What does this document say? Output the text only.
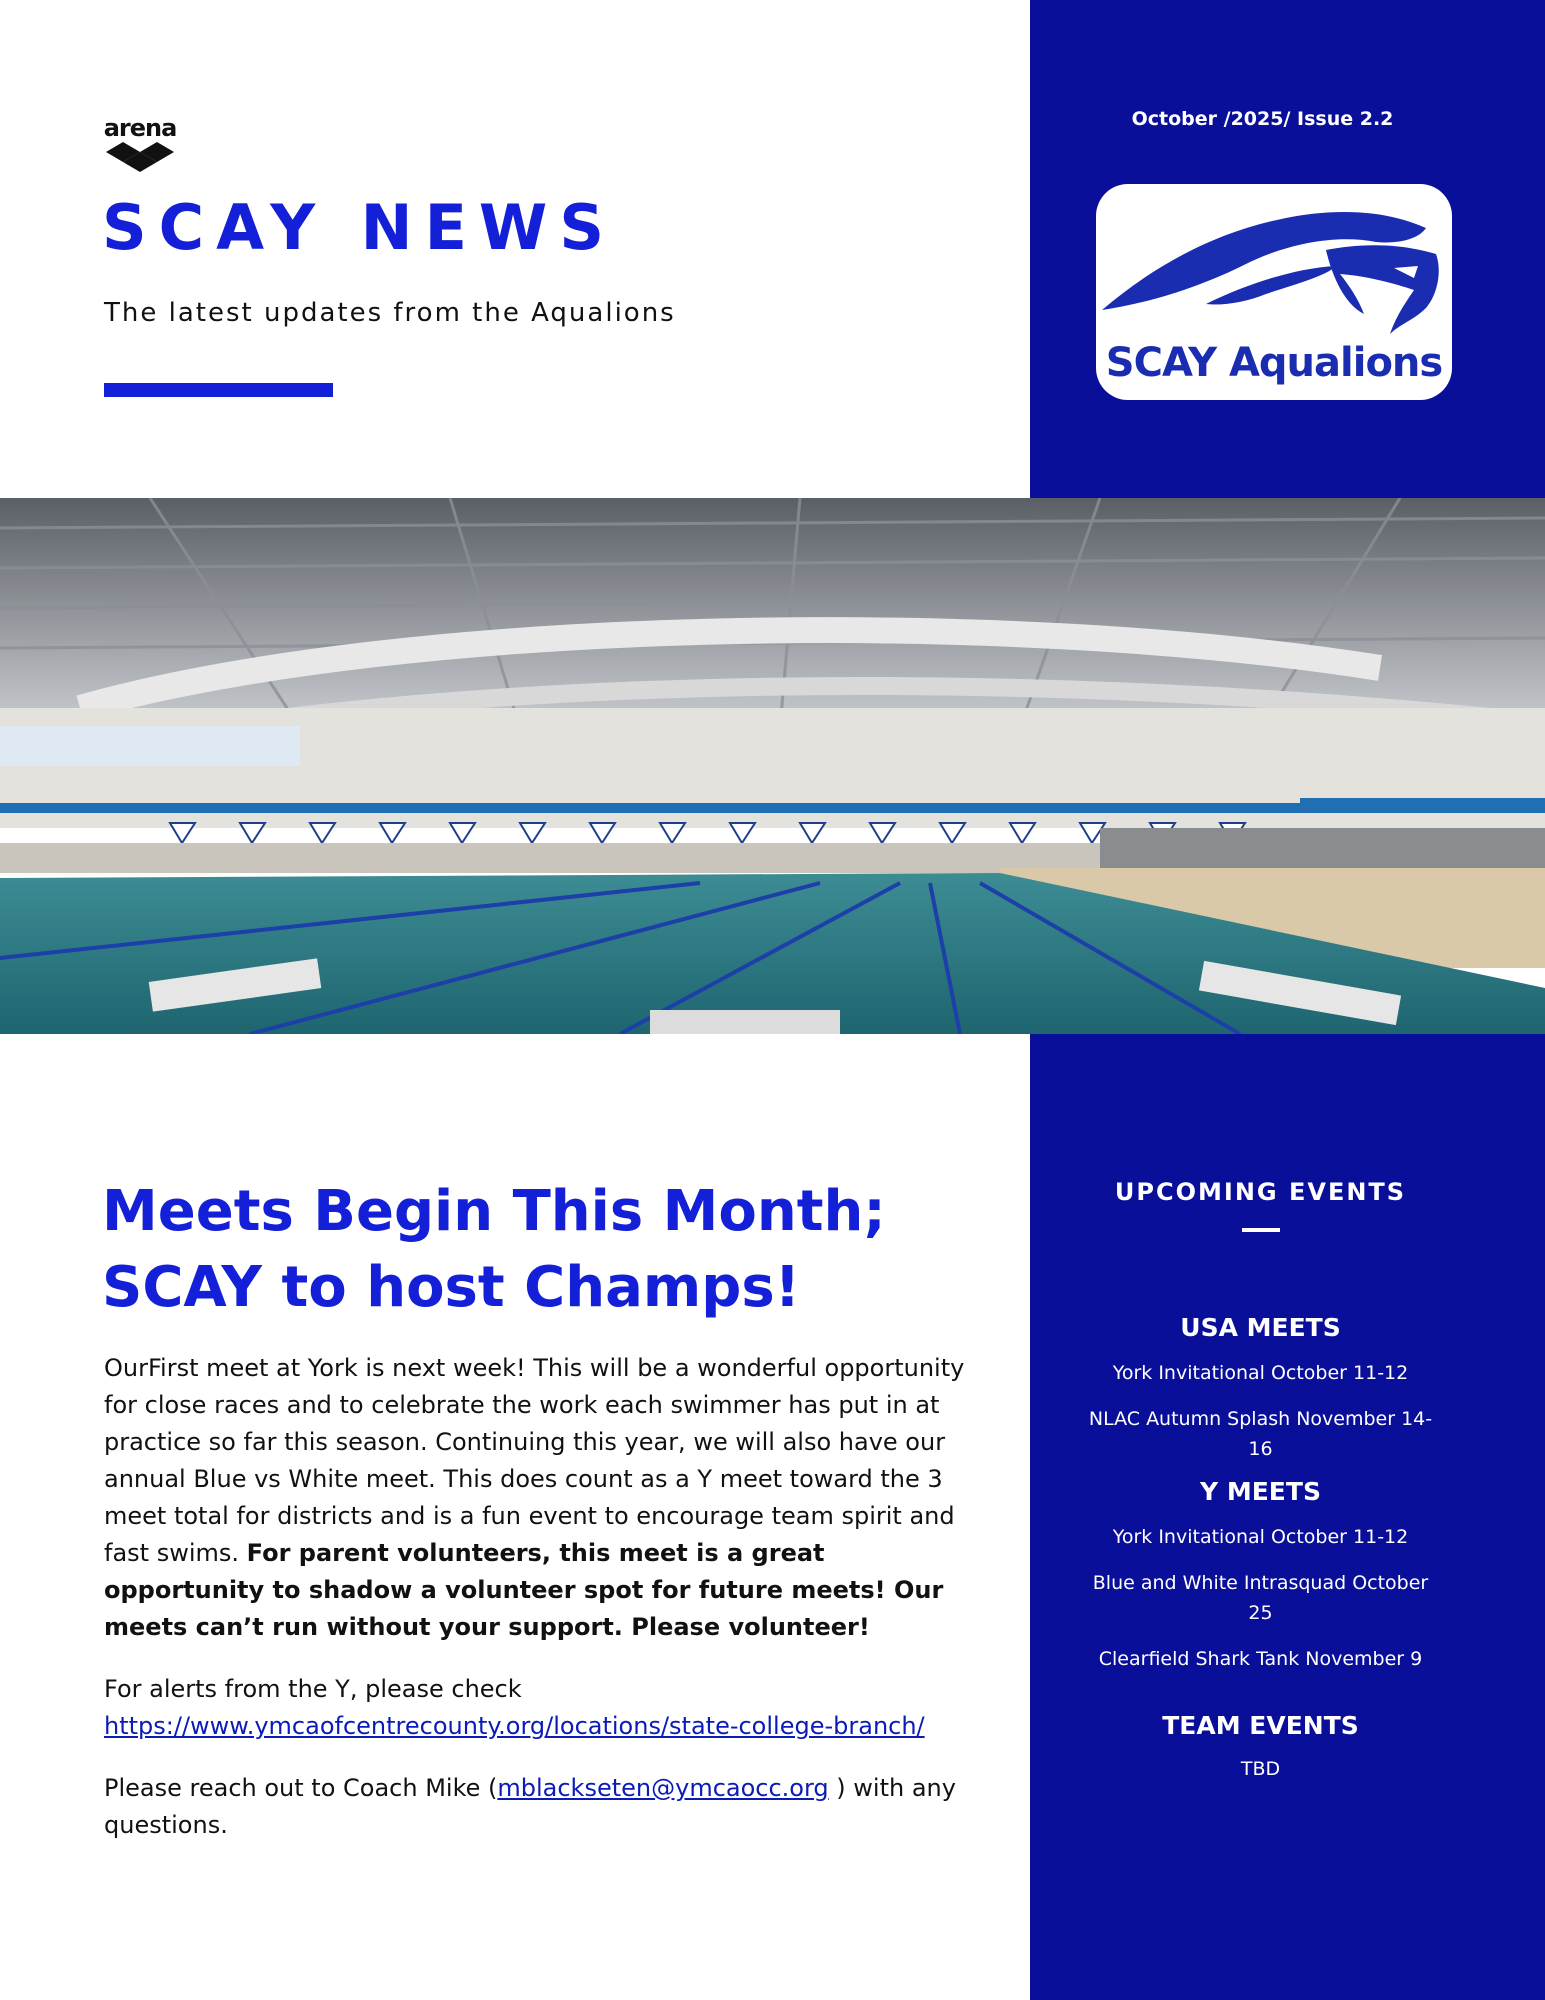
arena
SCAY NEWS
The latest updates from the Aqualions
October /2025/ Issue 2.2
SCAY Aqualions
Meets Begin This Month;
SCAY to host Champs!

OurFirst meet at York is next week! This will be a wonderful opportunity for close races and to celebrate the work each swimmer has put in at practice so far this season. Continuing this year, we will also have our annual Blue vs White meet. This does count as a Y meet toward the 3 meet total for districts and is a fun event to encourage team spirit and fast swims. For parent volunteers, this meet is a great opportunity to shadow a volunteer spot for future meets! Our meets can’t run without your support. Please volunteer!

For alerts from the Y, please check
https://www.ymcaofcentrecounty.org/locations/state-college-branch/

Please reach out to Coach Mike (mblackseten@ymcaocc.org ) with any questions.

UPCOMING EVENTS
USA MEETS
York Invitational October 11-12
NLAC Autumn Splash November 14-16
Y MEETS
York Invitational October 11-12
Blue and White Intrasquad October 25
Clearfield Shark Tank November 9
TEAM EVENTS
TBD
